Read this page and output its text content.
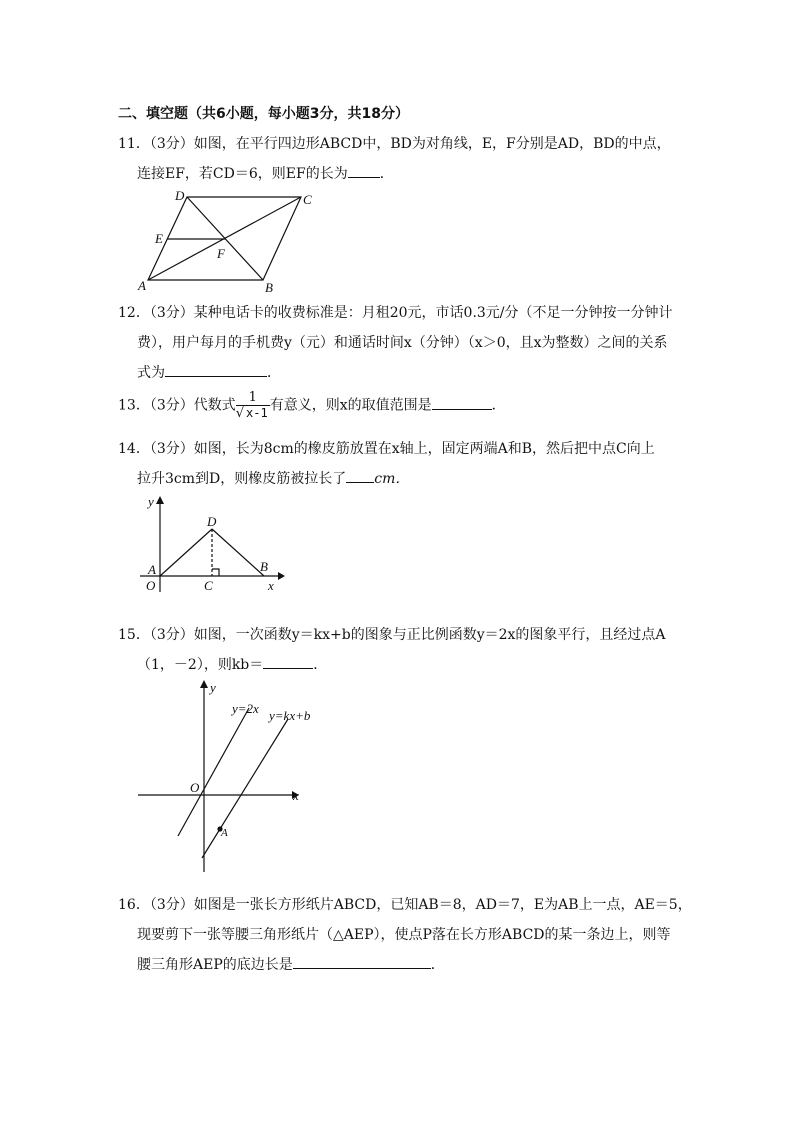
二、填空题（共6小题，每小题3分，共18分）
11．（3分）如图，在平行四边形ABCD中，BD为对角线，E，F分别是AD，BD的中点，
连接EF，若CD＝6，则EF的长为 ．
D	C
E
F
A	B
12．（3分）某种电话卡的收费标准是：月租20元，市话0.3元/分（不足一分钟按一分钟计
费），用户每月的手机费y（元）和通话时间x（分钟）（x＞0，且x为整数）之间的关系
式为	．
13．（3分）代数式 $\frac{1}{√ x-1}$ 有意义，则x的取值范围是	．
14．（3分）如图，长为8cm的橡皮筋放置在x轴上，固定两端A和B，然后把中点C向上
拉升3cm到D，则橡皮筋被拉长了 cm．
y
D
A
O	C
B
x
15．（3分）如图，一次函数y＝kx+b的图象与正比例函数y＝2x的图象平行，且经过点A
（1，－2），则kb＝	．
y
x
O
A
y=2x y=kx+b
16．（3分）如图是一张长方形纸片ABCD，已知AB＝8，AD＝7，E为AB上一点，AE＝5，
现要剪下一张等腰三角形纸片（△AEP），使点P落在长方形ABCD的某一条边上，则等
腰三角形AEP的底边长是	．
